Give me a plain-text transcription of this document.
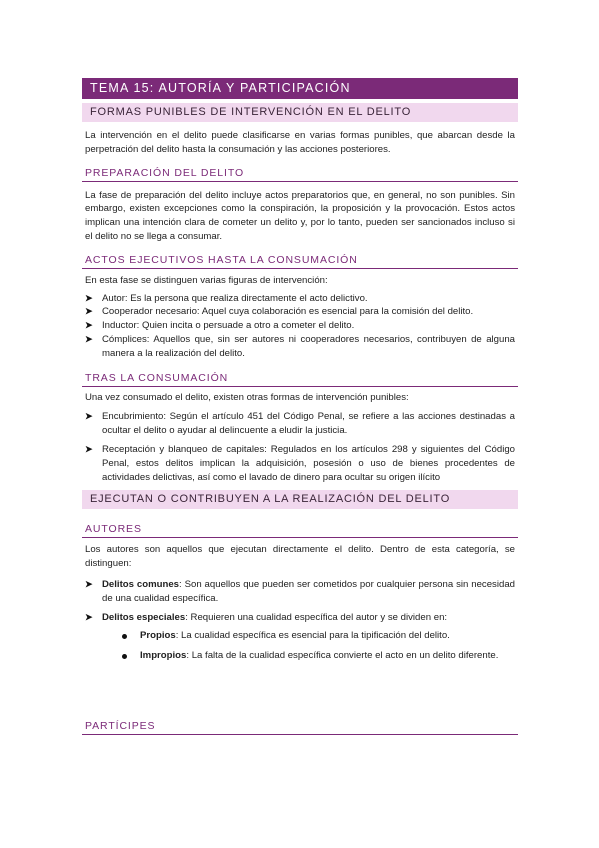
TEMA 15: AUTORÍA Y PARTICIPACIÓN
FORMAS PUNIBLES DE INTERVENCIÓN EN EL DELITO

La intervención en el delito puede clasificarse en varias formas punibles, que abarcan desde la perpetración del delito hasta la consumación y las acciones posteriores.

PREPARACIÓN DEL DELITO

La fase de preparación del delito incluye actos preparatorios que, en general, no son punibles. Sin embargo, existen excepciones como la conspiración, la proposición y la provocación. Estos actos implican una intención clara de cometer un delito y, por lo tanto, pueden ser sancionados incluso si el delito no se llega a consumar.

ACTOS EJECUTIVOS HASTA LA CONSUMACIÓN

En esta fase se distinguen varias figuras de intervención:

➤ Autor: Es la persona que realiza directamente el acto delictivo.
➤ Cooperador necesario: Aquel cuya colaboración es esencial para la comisión del delito.
➤ Inductor: Quien incita o persuade a otro a cometer el delito.
➤ Cómplices: Aquellos que, sin ser autores ni cooperadores necesarios, contribuyen de alguna manera a la realización del delito.
TRAS LA CONSUMACIÓN

Una vez consumado el delito, existen otras formas de intervención punibles:

➤ Encubrimiento: Según el artículo 451 del Código Penal, se refiere a las acciones destinadas a ocultar el delito o ayudar al delincuente a eludir la justicia.
➤ Receptación y blanqueo de capitales: Regulados en los artículos 298 y siguientes del Código Penal, estos delitos implican la adquisición, posesión o uso de bienes procedentes de actividades delictivas, así como el lavado de dinero para ocultar su origen ilícito
EJECUTAN O CONTRIBUYEN A LA REALIZACIÓN DEL DELITO
AUTORES

Los autores son aquellos que ejecutan directamente el delito. Dentro de esta categoría, se distinguen:

➤ Delitos comunes: Son aquellos que pueden ser cometidos por cualquier persona sin necesidad de una cualidad específica.
➤ Delitos especiales: Requieren una cualidad específica del autor y se dividen en:
Propios: La cualidad específica es esencial para la tipificación del delito.
Impropios: La falta de la cualidad específica convierte el acto en un delito diferente.
PARTÍCIPES
